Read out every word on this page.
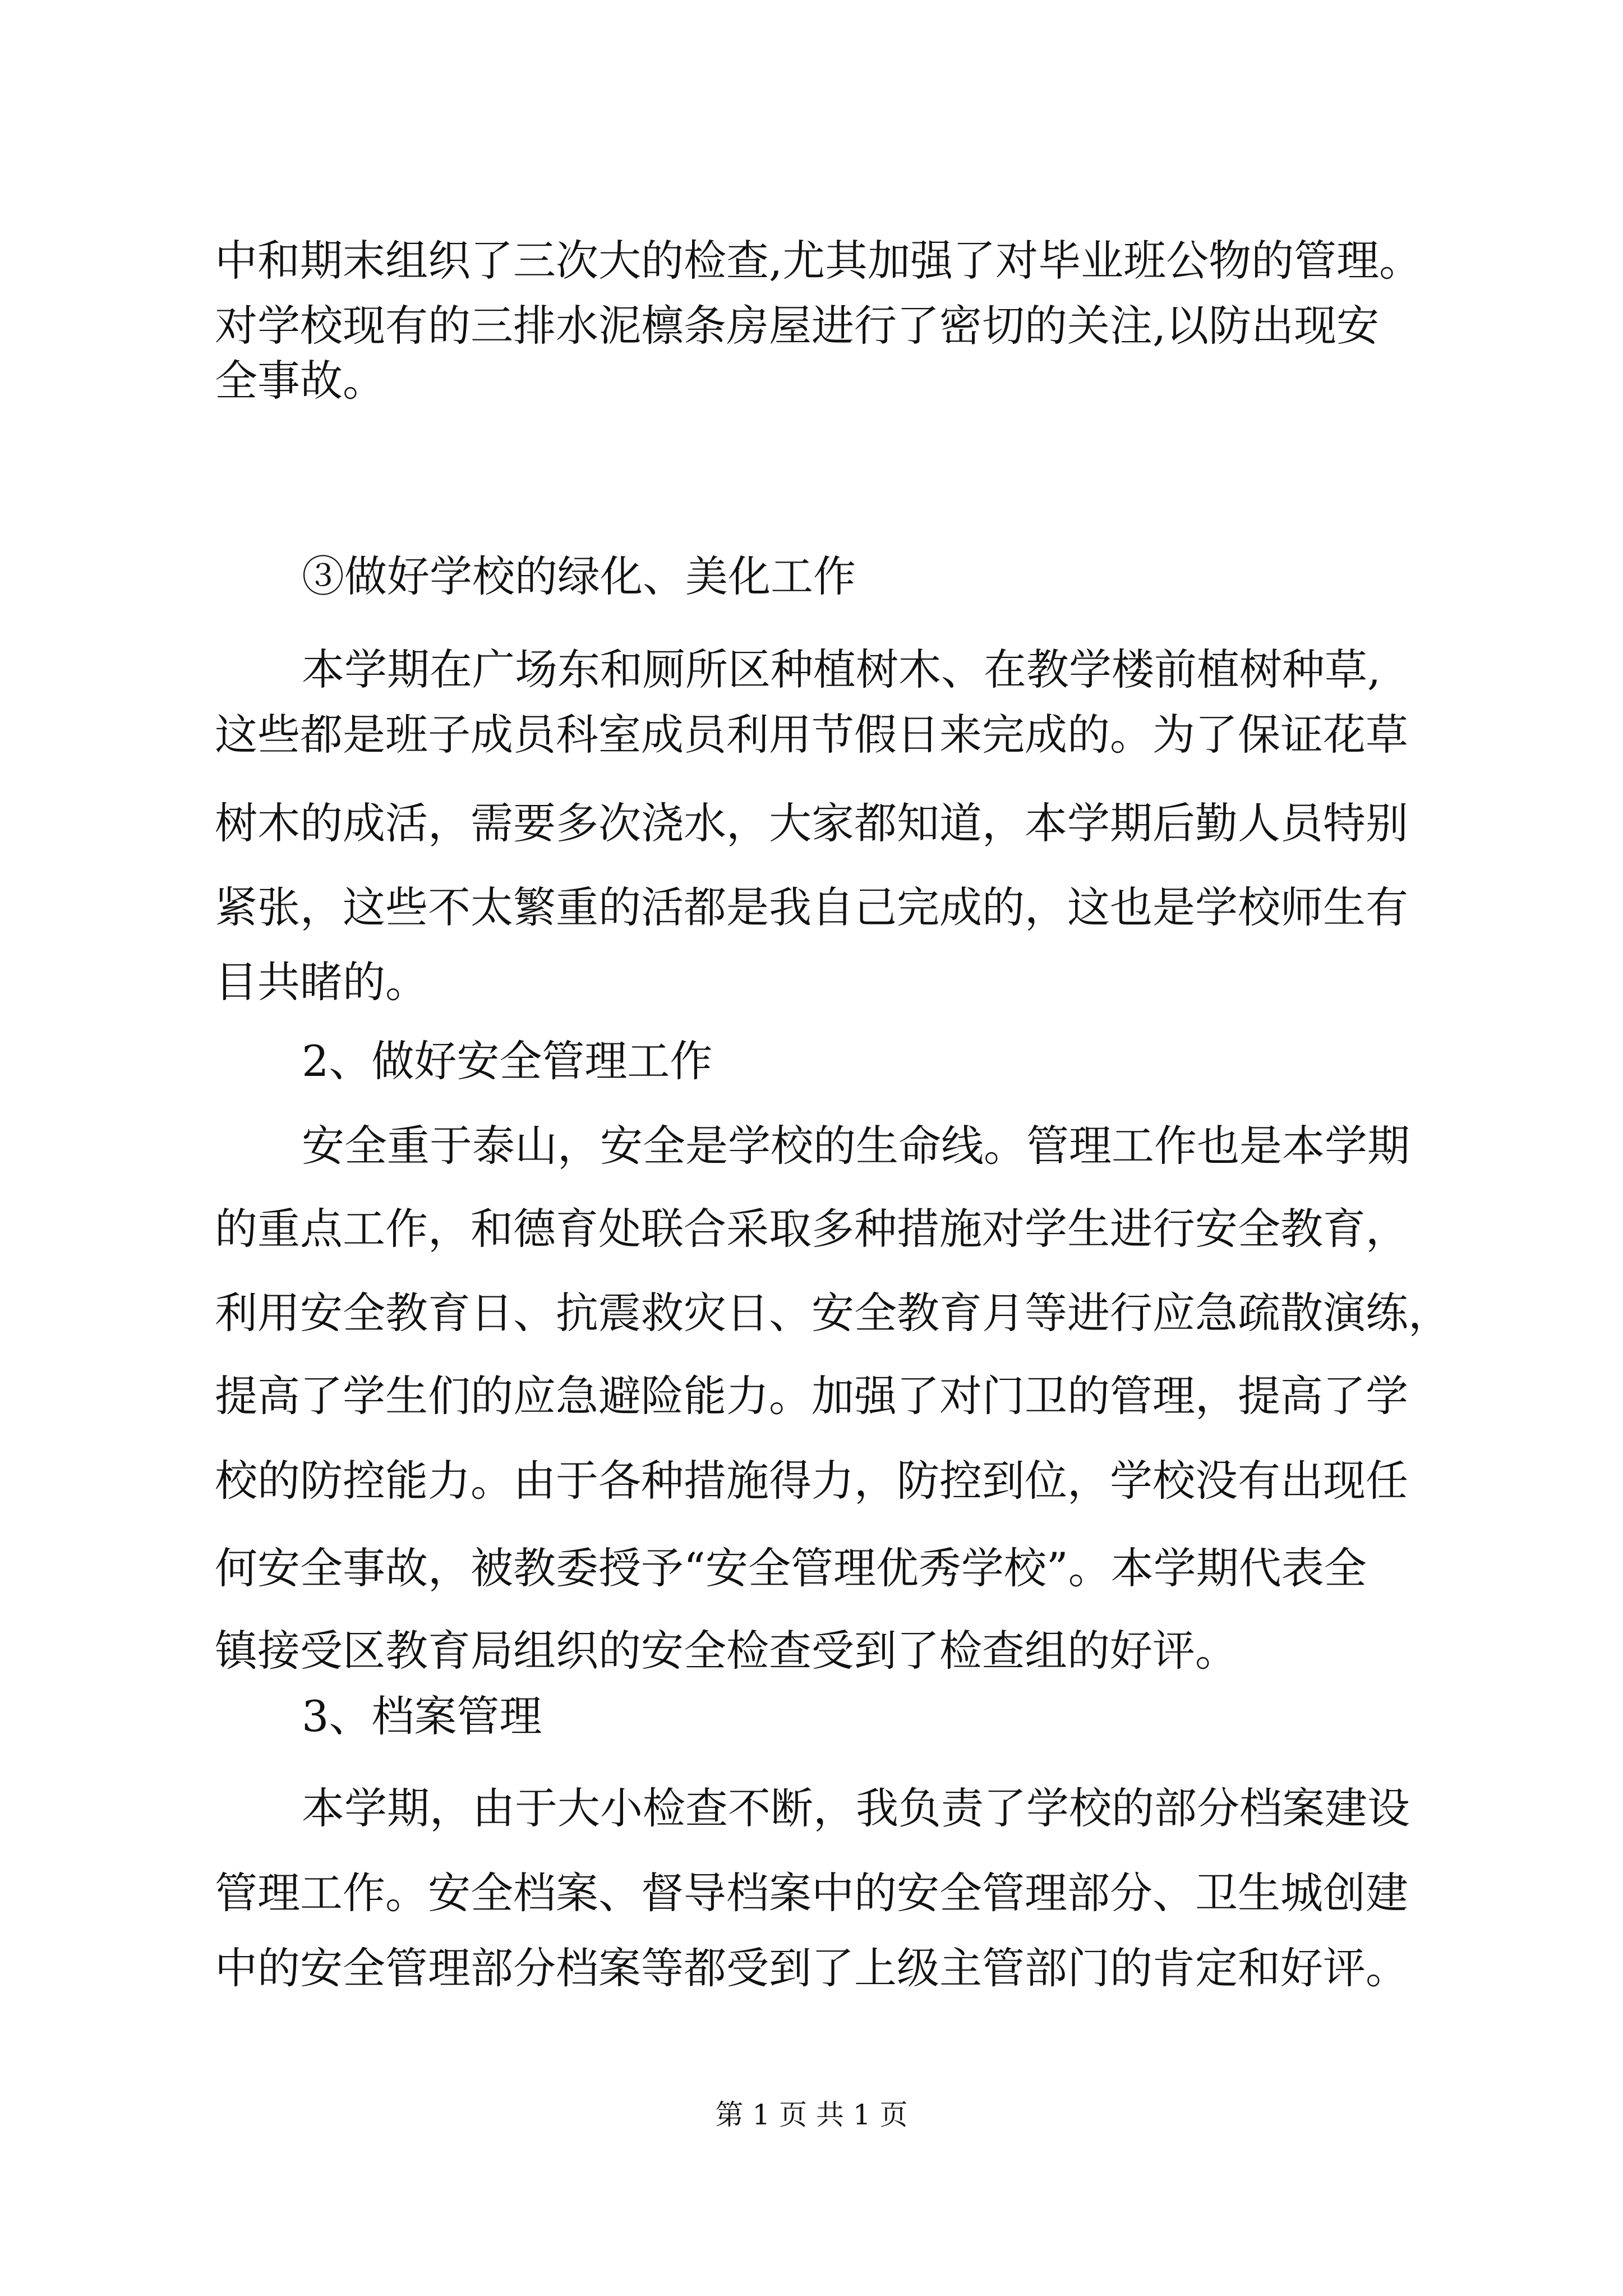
中和期末组织了三次大的检查,尤其加强了对毕业班公物的管理。
对学校现有的三排水泥檩条房屋进行了密切的关注,以防出现安
全事故。
③做好学校的绿化、美化工作
本学期在广场东和厕所区种植树木、在教学楼前植树种草,
这些都是班子成员科室成员利用节假日来完成的。为了保证花草
树木的成活，需要多次浇水，大家都知道，本学期后勤人员特别
紧张，这些不太繁重的活都是我自己完成的，这也是学校师生有
目共睹的。
2、做好安全管理工作
安全重于泰山，安全是学校的生命线。管理工作也是本学期
的重点工作，和德育处联合采取多种措施对学生进行安全教育，
利用安全教育日、抗震救灾日、安全教育月等进行应急疏散演练，
提高了学生们的应急避险能力。加强了对门卫的管理，提高了学
校的防控能力。由于各种措施得力，防控到位，学校没有出现任
何安全事故，被教委授予“安全管理优秀学校”。本学期代表全
镇接受区教育局组织的安全检查受到了检查组的好评。
3、档案管理
本学期，由于大小检查不断，我负责了学校的部分档案建设
管理工作。安全档案、督导档案中的安全管理部分、卫生城创建
中的安全管理部分档案等都受到了上级主管部门的肯定和好评。
第 1 页 共 1 页
